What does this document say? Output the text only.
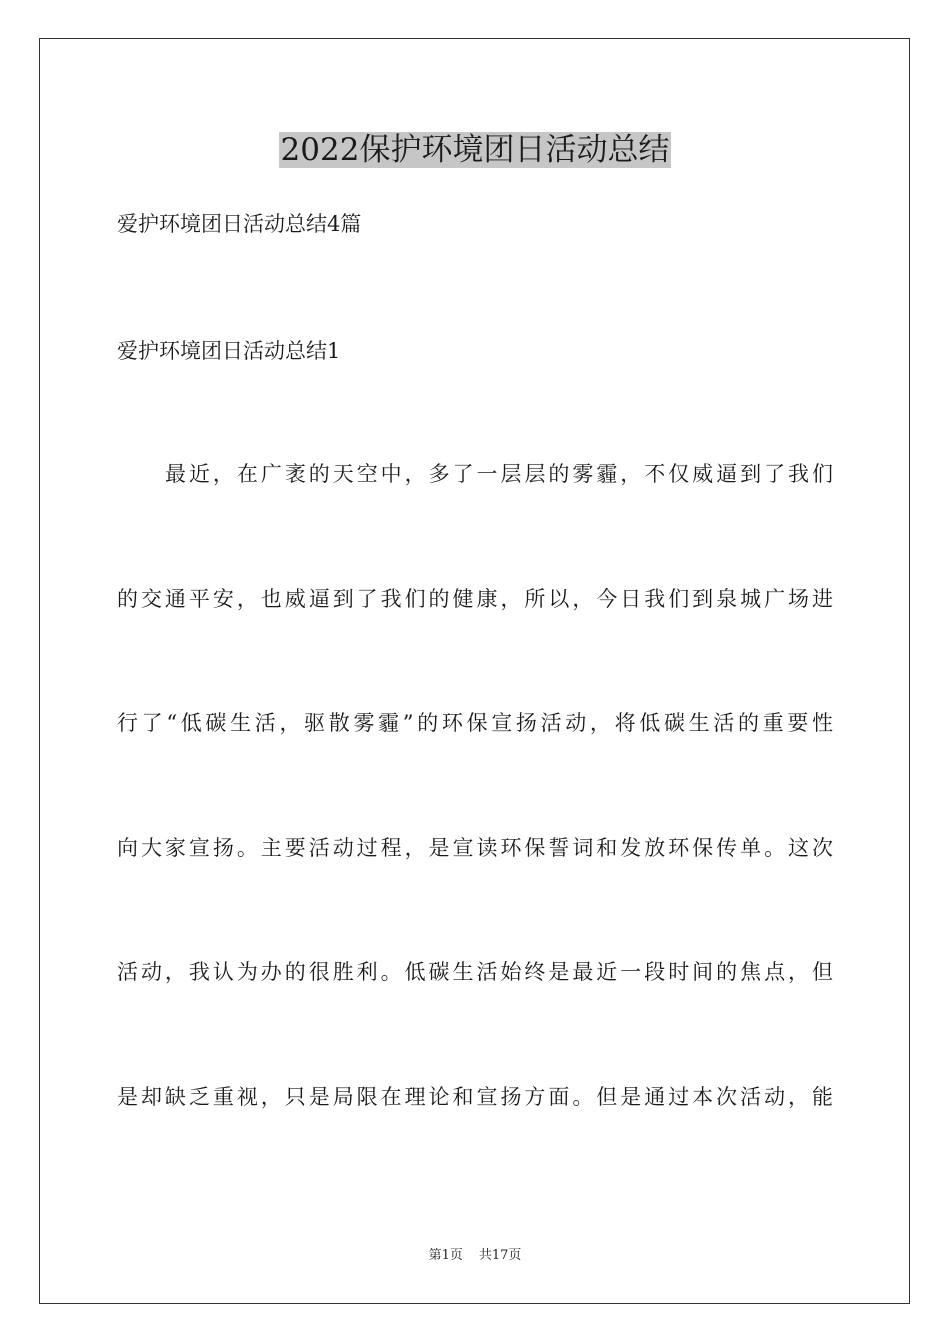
2022保护环境团日活动总结

爱护环境团日活动总结4篇

爱护环境团日活动总结1

最近，在广袤的天空中，多了一层层的雾霾，不仅威逼到了我们

的交通平安，也威逼到了我们的健康，所以，今日我们到泉城广场进

行了“低碳生活，驱散雾霾”的环保宣扬活动，将低碳生活的重要性

向大家宣扬。主要活动过程，是宣读环保誓词和发放环保传单。这次

活动，我认为办的很胜利。低碳生活始终是最近一段时间的焦点，但

是却缺乏重视，只是局限在理论和宣扬方面。但是通过本次活动，能

第1页 共17页
